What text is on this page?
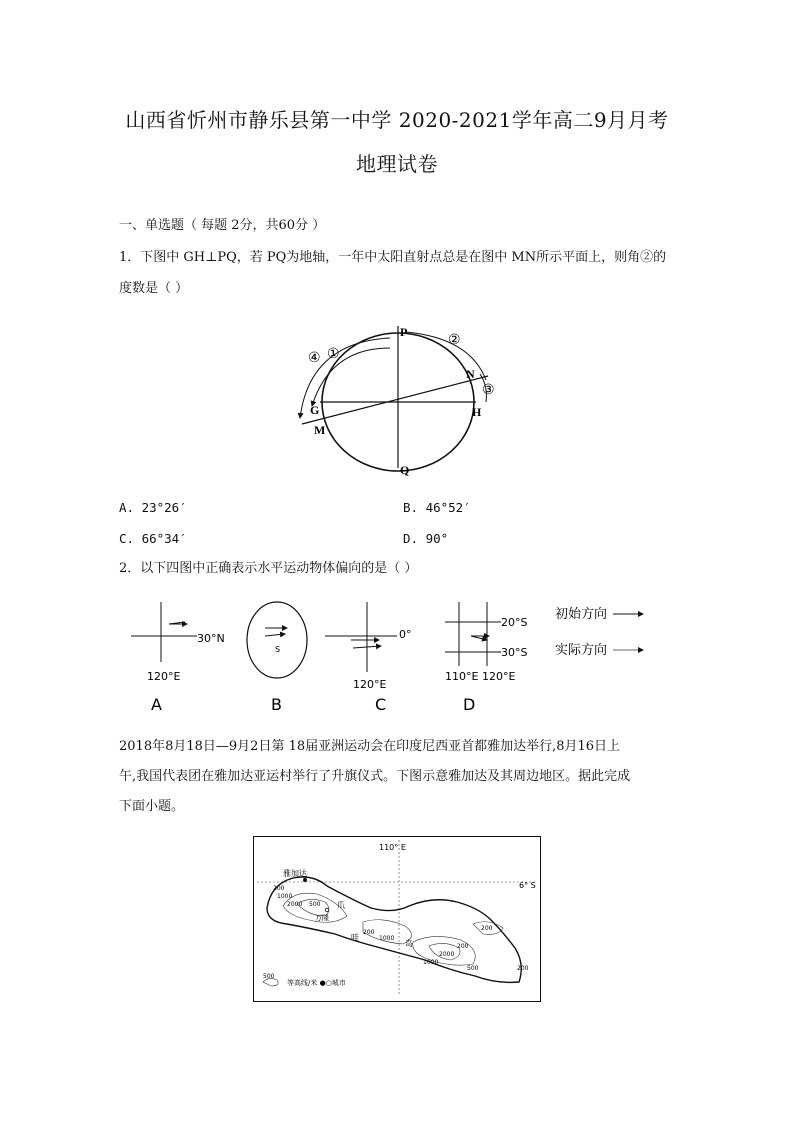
山西省忻州市静乐县第一中学 2020-2021学年高二9月月考
地理试卷
一、单选题（ 每题 2分，共60分 ）
1．下图中 GH⊥PQ，若 PQ为地轴，一年中太阳直射点总是在图中 MN所示平面上，则角②的
度数是（ ）
P
Q
G	H
M
N
①
②
③
④
A. 23°26′	B. 46°52′
C. 66°34′	D. 90°
2．以下四图中正确表示水平运动物体偏向的是（ ）
30°N
120°E
A
S
B
0°
120°E
C
20°S
30°S
110°E 120°E
D
初始方向
实际方向
2018年8月18日—9月2日第 18届亚洲运动会在印度尼西亚首都雅加达举行,8月16日上
午,我国代表团在雅加达亚运村举行了升旗仪式。下图示意雅加达及其周边地区。据此完成
下面小题。
110° E
6° S
雅加达
万隆
爪
哇
岛
200
1000
2000 500
200
1000
2000
200
200
500
1000
200
500
等高线/米 ●○城市
